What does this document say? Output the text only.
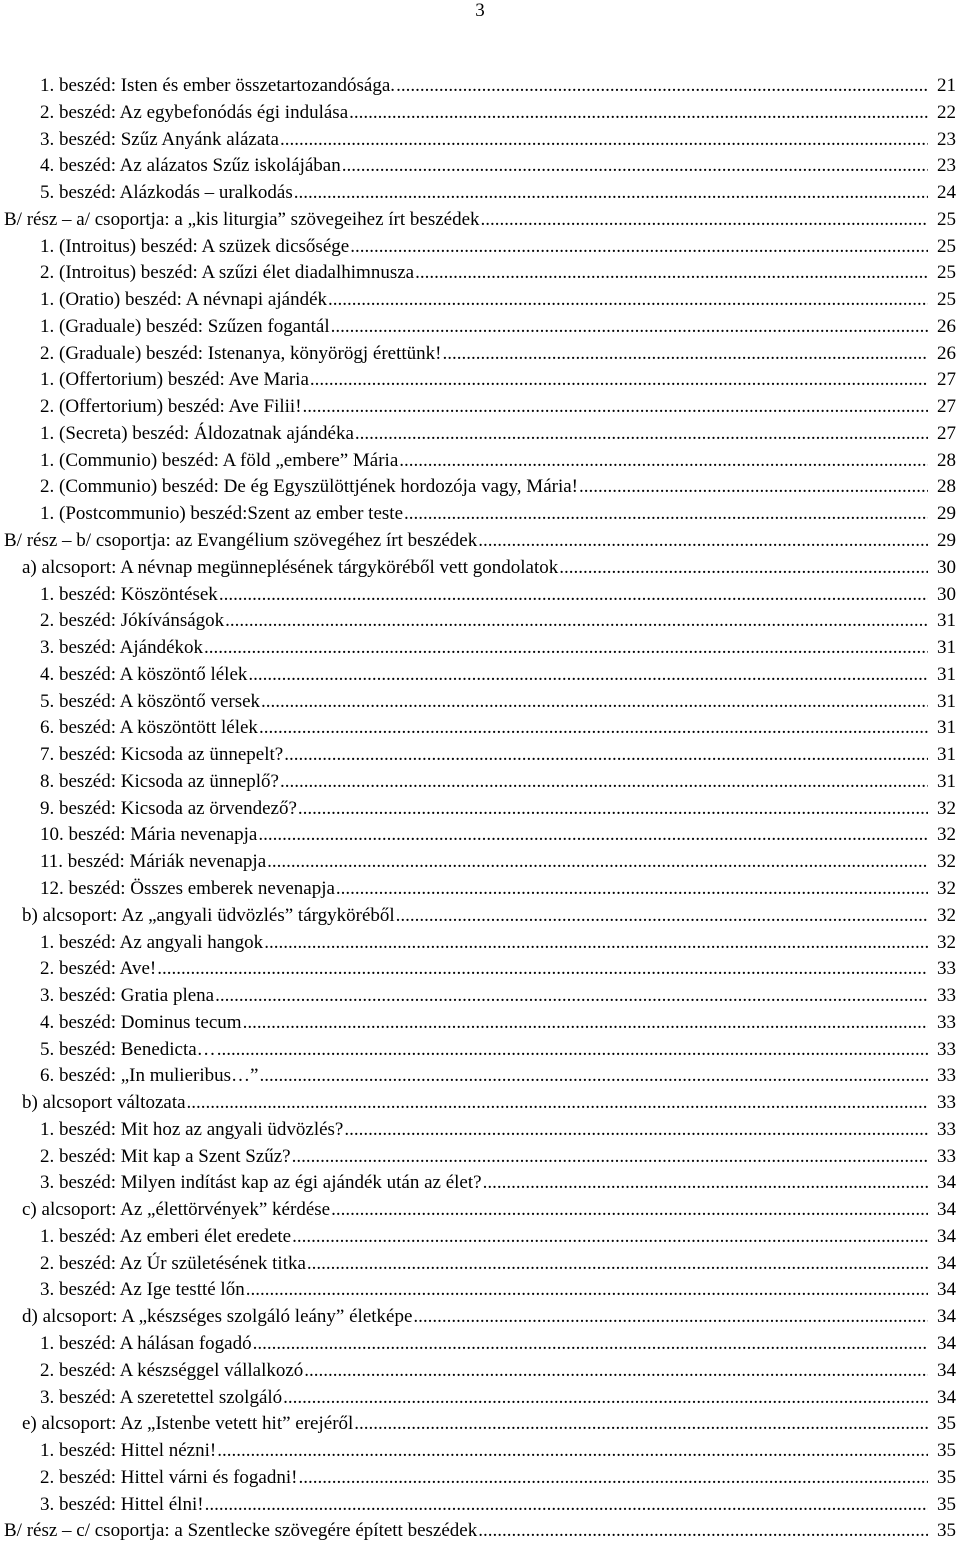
3
1. beszéd: Isten és ember összetartozandósága. .....	21
2. beszéd: Az egybefonódás égi indulása .....	22
3. beszéd: Szűz Anyánk alázata .....	23
4. beszéd: Az alázatos Szűz iskolájában .....	23
5. beszéd: Alázkodás – uralkodás .....	24
B/ rész – a/ csoportja: a „kis liturgia” szövegeihez írt beszédek .....	25
1. (Introitus) beszéd: A szüzek dicsősége .....	25
2. (Introitus) beszéd: A szűzi élet diadalhimnusza .....	25
1. (Oratio) beszéd: A névnapi ajándék .....	25
1. (Graduale) beszéd: Szűzen fogantál .....	26
2. (Graduale) beszéd: Istenanya, könyörögj érettünk! .....	26
1. (Offertorium) beszéd: Ave Maria .....	27
2. (Offertorium) beszéd: Ave Filii! .....	27
1. (Secreta) beszéd: Áldozatnak ajándéka .....	27
1. (Communio) beszéd: A föld „embere” Mária .....	28
2. (Communio) beszéd: De ég Egyszülöttjének hordozója vagy, Mária! .....	28
1. (Postcommunio) beszéd:Szent az ember teste .....	29
B/ rész – b/ csoportja: az Evangélium szövegéhez írt beszédek .....	29
a) alcsoport: A névnap megünneplésének tárgyköréből vett gondolatok .....	30
1. beszéd: Köszöntések .....	30
2. beszéd: Jókívánságok .....	31
3. beszéd: Ajándékok .....	31
4. beszéd: A köszöntő lélek .....	31
5. beszéd: A köszöntő versek .....	31
6. beszéd: A köszöntött lélek .....	31
7. beszéd: Kicsoda az ünnepelt? .....	31
8. beszéd: Kicsoda az ünneplő? .....	31
9. beszéd: Kicsoda az örvendező? .....	32
10. beszéd: Mária nevenapja .....	32
11. beszéd: Máriák nevenapja .....	32
12. beszéd: Összes emberek nevenapja .....	32
b) alcsoport: Az „angyali üdvözlés” tárgyköréből .....	32
1. beszéd: Az angyali hangok .....	32
2. beszéd: Ave! .....	33
3. beszéd: Gratia plena .....	33
4. beszéd: Dominus tecum .....	33
5. beszéd: Benedicta… .....	33
6. beszéd: „In mulieribus…” .....	33
b) alcsoport változata .....	33
1. beszéd: Mit hoz az angyali üdvözlés? .....	33
2. beszéd: Mit kap a Szent Szűz? .....	33
3. beszéd: Milyen indítást kap az égi ajándék után az élet? .....	34
c) alcsoport: Az „élettörvények” kérdése .....	34
1. beszéd: Az emberi élet eredete .....	34
2. beszéd: Az Úr születésének titka .....	34
3. beszéd: Az Ige testté lőn .....	34
d) alcsoport: A „készséges szolgáló leány” életképe .....	34
1. beszéd: A hálásan fogadó .....	34
2. beszéd: A készséggel vállalkozó .....	34
3. beszéd: A szeretettel szolgáló .....	34
e) alcsoport: Az „Istenbe vetett hit” erejéről .....	35
1. beszéd: Hittel nézni! .....	35
2. beszéd: Hittel várni és fogadni! .....	35
3. beszéd: Hittel élni! .....	35
B/ rész – c/ csoportja: a Szentlecke szövegére épített beszédek .....	35
